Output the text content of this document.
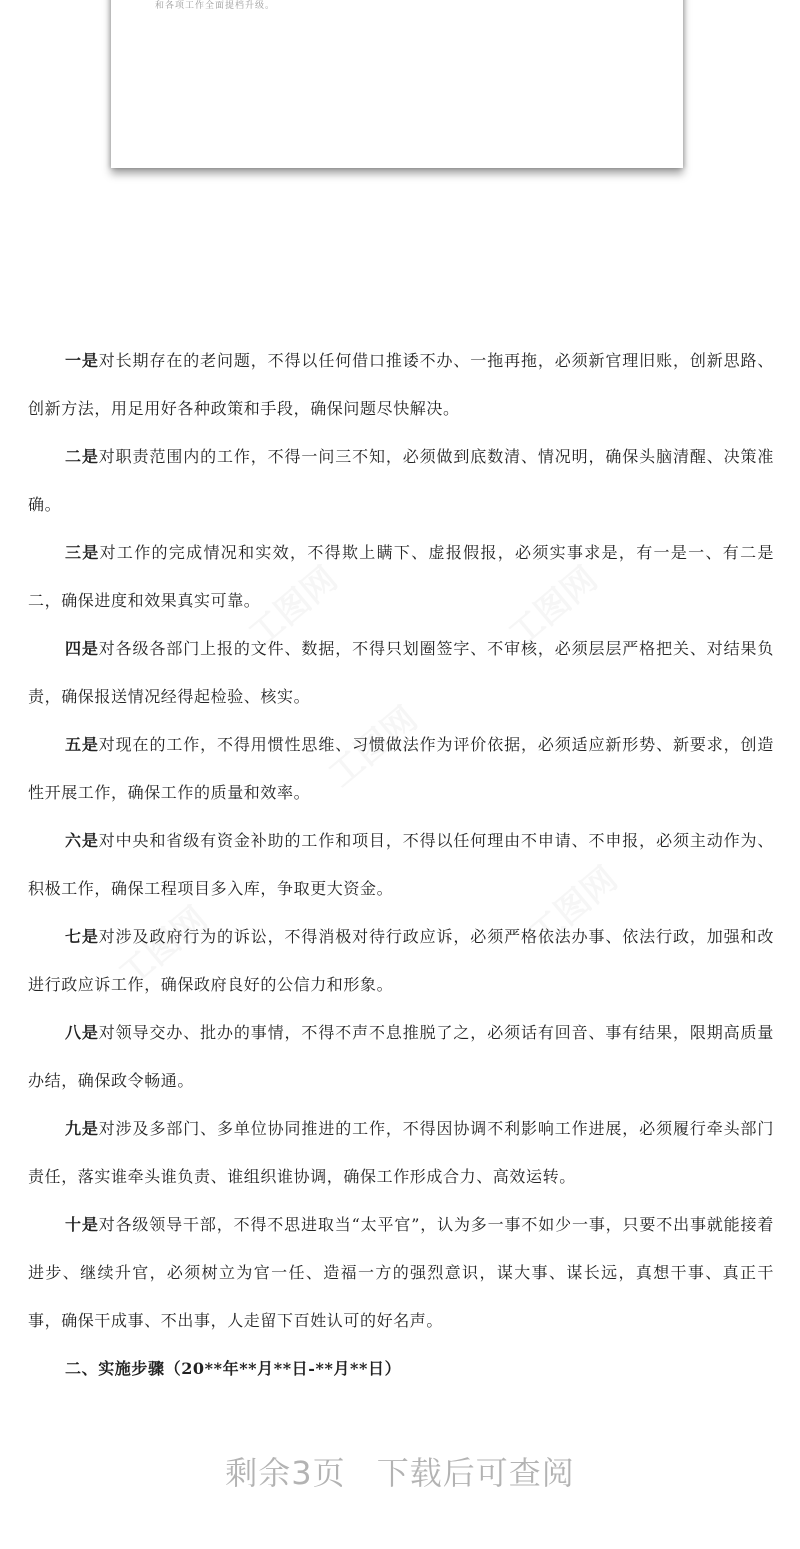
和各项工作全面提档升级。
工图网	工图网
工图网
工图网	工图网

一是对长期存在的老问题，不得以任何借口推诿不办、一拖再拖，必须新官理旧账，创新思路、创新方法，用足用好各种政策和手段，确保问题尽快解决。

二是对职责范围内的工作，不得一问三不知，必须做到底数清、情况明，确保头脑清醒、决策准确。

三是对工作的完成情况和实效，不得欺上瞒下、虚报假报，必须实事求是，有一是一、有二是二，确保进度和效果真实可靠。

四是对各级各部门上报的文件、数据，不得只划圈签字、不审核，必须层层严格把关、对结果负责，确保报送情况经得起检验、核实。

五是对现在的工作，不得用惯性思维、习惯做法作为评价依据，必须适应新形势、新要求，创造性开展工作，确保工作的质量和效率。

六是对中央和省级有资金补助的工作和项目，不得以任何理由不申请、不申报，必须主动作为、积极工作，确保工程项目多入库，争取更大资金。

七是对涉及政府行为的诉讼，不得消极对待行政应诉，必须严格依法办事、依法行政，加强和改进行政应诉工作，确保政府良好的公信力和形象。

八是对领导交办、批办的事情，不得不声不息推脱了之，必须话有回音、事有结果，限期高质量办结，确保政令畅通。

九是对涉及多部门、多单位协同推进的工作，不得因协调不利影响工作进展，必须履行牵头部门责任，落实谁牵头谁负责、谁组织谁协调，确保工作形成合力、高效运转。

十是对各级领导干部，不得不思进取当“太平官”，认为多一事不如少一事，只要不出事就能接着进步、继续升官，必须树立为官一任、造福一方的强烈意识，谋大事、谋长远，真想干事、真正干事，确保干成事、不出事，人走留下百姓认可的好名声。

二、实施步骤（20**年**月**日-**月**日）

剩余3页 下载后可查阅
